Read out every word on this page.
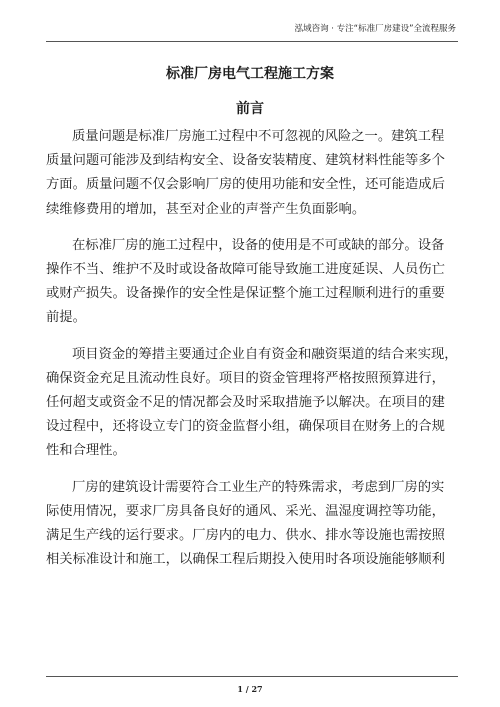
泓域咨询 · 专注“标准厂房建设”全流程服务
标准厂房电气工程施工方案
前言
质量问题是标准厂房施工过程中不可忽视的风险之一。建筑工程
质量问题可能涉及到结构安全、设备安装精度、建筑材料性能等多个
方面。质量问题不仅会影响厂房的使用功能和安全性，还可能造成后
续维修费用的增加，甚至对企业的声誉产生负面影响。
在标准厂房的施工过程中，设备的使用是不可或缺的部分。设备
操作不当、维护不及时或设备故障可能导致施工进度延误、人员伤亡
或财产损失。设备操作的安全性是保证整个施工过程顺利进行的重要
前提。
项目资金的筹措主要通过企业自有资金和融资渠道的结合来实现，
确保资金充足且流动性良好。项目的资金管理将严格按照预算进行，
任何超支或资金不足的情况都会及时采取措施予以解决。在项目的建
设过程中，还将设立专门的资金监督小组，确保项目在财务上的合规
性和合理性。
厂房的建筑设计需要符合工业生产的特殊需求，考虑到厂房的实
际使用情况，要求厂房具备良好的通风、采光、温湿度调控等功能，
满足生产线的运行要求。厂房内的电力、供水、排水等设施也需按照
相关标准设计和施工，以确保工程后期投入使用时各项设施能够顺利
1 / 27
